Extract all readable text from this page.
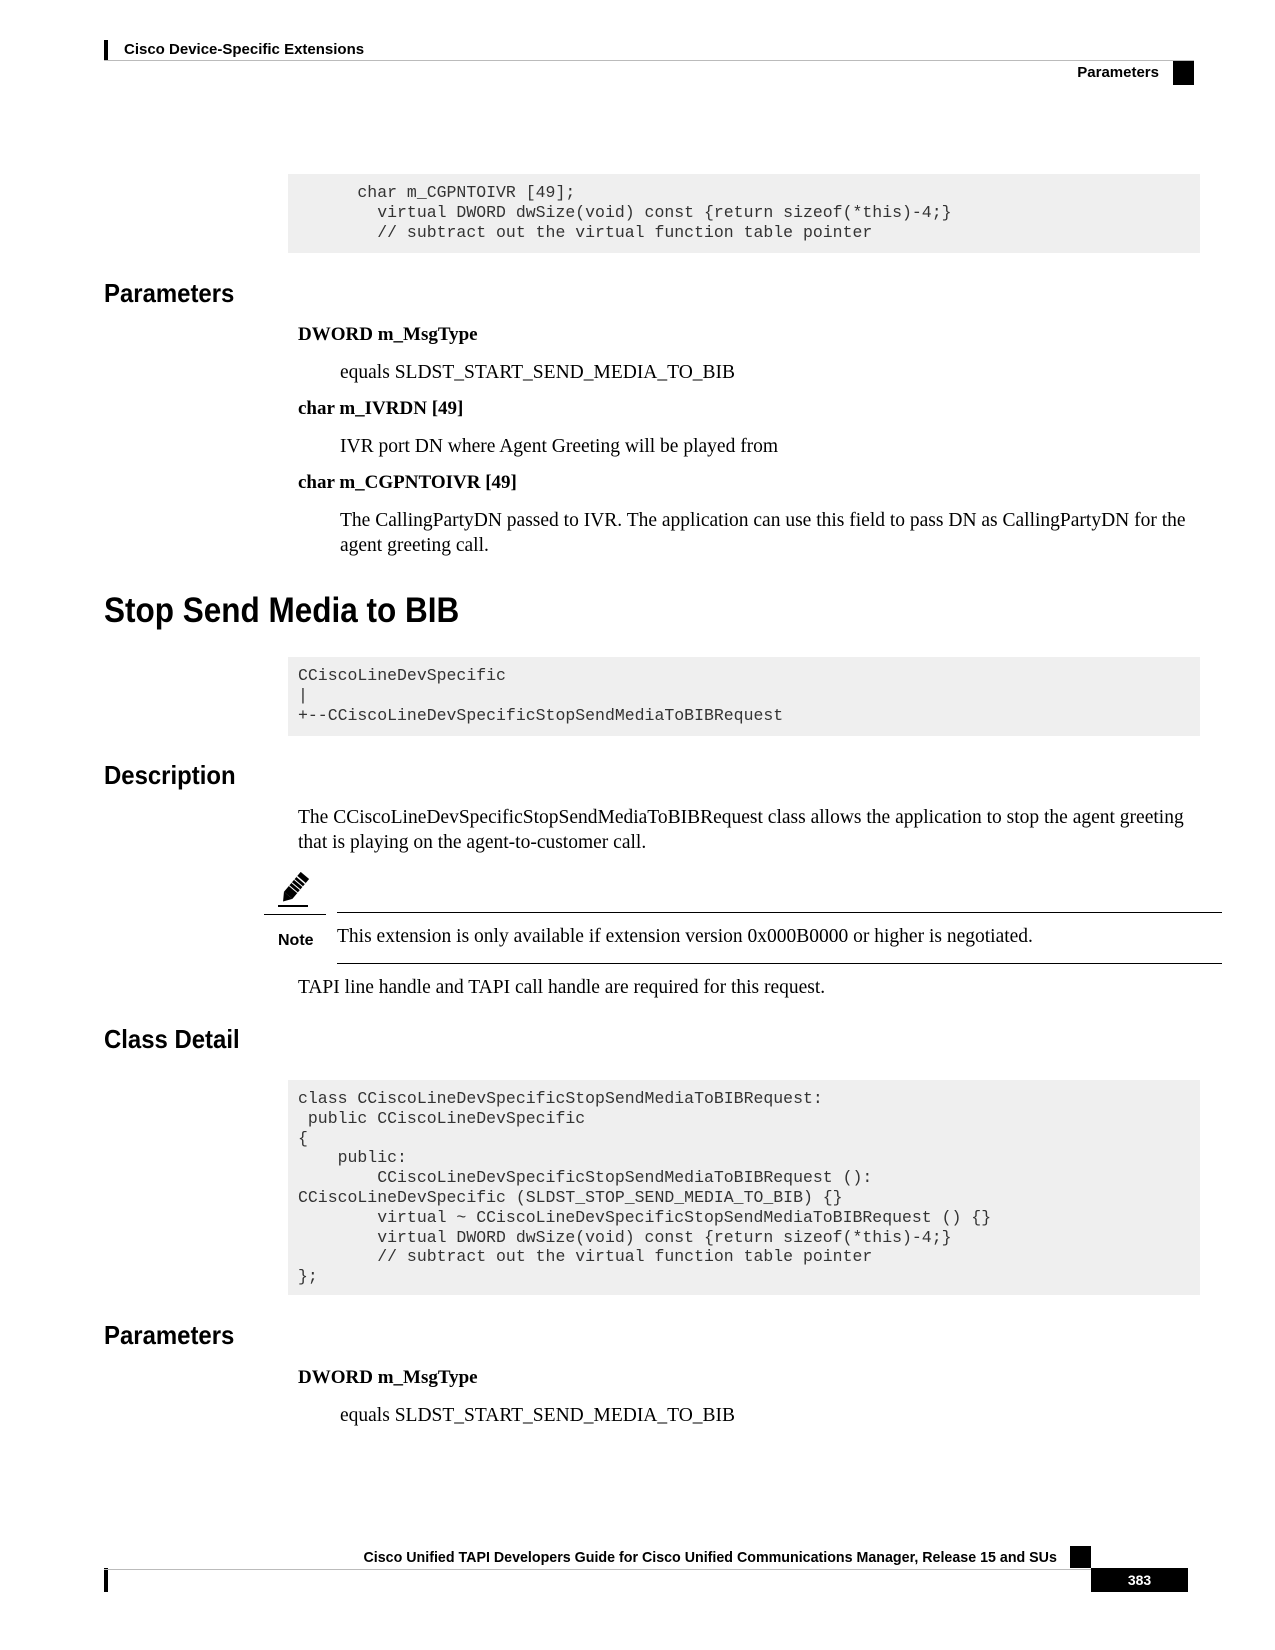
Cisco Device-Specific Extensions
Parameters
char m_CGPNTOIVR [49];
virtual DWORD dwSize(void) const {return sizeof(*this)-4;}
// subtract out the virtual function table pointer
Parameters
DWORD m_MsgType
equals SLDST_START_SEND_MEDIA_TO_BIB
char m_IVRDN [49]
IVR port DN where Agent Greeting will be played from
char m_CGPNTOIVR [49]
The CallingPartyDN passed to IVR. The application can use this field to pass DN as CallingPartyDN for the agent greeting call.
Stop Send Media to BIB
CCiscoLineDevSpecific
|
+--CCiscoLineDevSpecificStopSendMediaToBIBRequest
Description
The CCiscoLineDevSpecificStopSendMediaToBIBRequest class allows the application to stop the agent greeting that is playing on the agent-to-customer call.
Note This extension is only available if extension version 0x000B0000 or higher is negotiated.
TAPI line handle and TAPI call handle are required for this request.
Class Detail
class CCiscoLineDevSpecificStopSendMediaToBIBRequest:
public CCiscoLineDevSpecific
{
public:
CCiscoLineDevSpecificStopSendMediaToBIBRequest ():
CCiscoLineDevSpecific (SLDST_STOP_SEND_MEDIA_TO_BIB) {}
virtual ~ CCiscoLineDevSpecificStopSendMediaToBIBRequest () {}
virtual DWORD dwSize(void) const {return sizeof(*this)-4;}
// subtract out the virtual function table pointer
};
Parameters
DWORD m_MsgType
equals SLDST_START_SEND_MEDIA_TO_BIB
Cisco Unified TAPI Developers Guide for Cisco Unified Communications Manager, Release 15 and SUs
383
